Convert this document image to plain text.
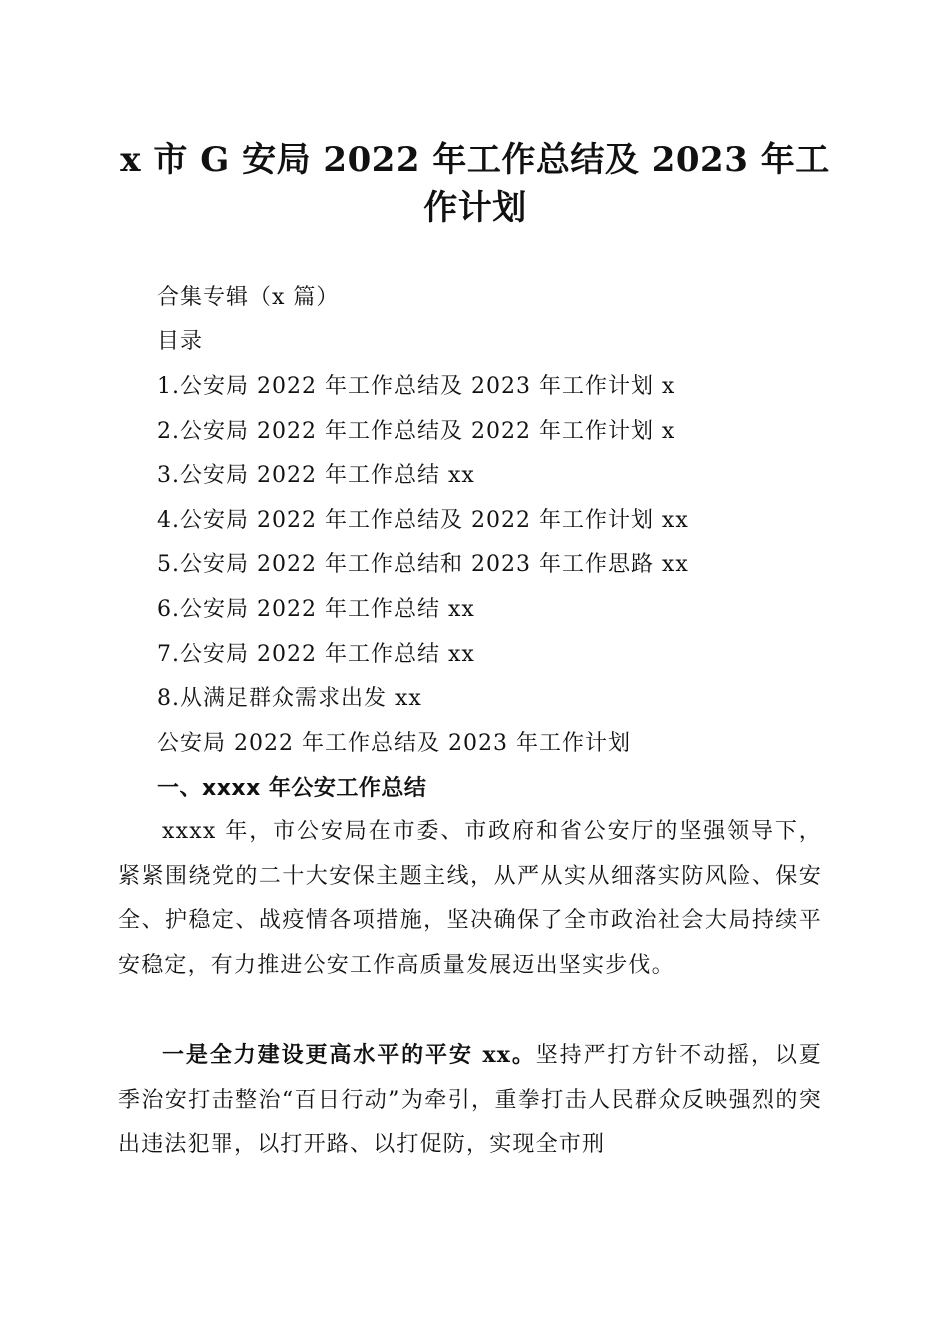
x 市 G 安局 2022 年工作总结及 2023 年工作计划
合集专辑（x 篇）
目录
1.公安局 2022 年工作总结及 2023 年工作计划 x
2.公安局 2022 年工作总结及 2022 年工作计划 x
3.公安局 2022 年工作总结 xx
4.公安局 2022 年工作总结及 2022 年工作计划 xx
5.公安局 2022 年工作总结和 2023 年工作思路 xx
6.公安局 2022 年工作总结 xx
7.公安局 2022 年工作总结 xx
8.从满足群众需求出发 xx
公安局 2022 年工作总结及 2023 年工作计划
一、xxxx 年公安工作总结
xxxx 年，市公安局在市委、市政府和省公安厅的坚强领导下，紧紧围绕党的二十大安保主题主线，从严从实从细落实防风险、保安全、护稳定、战疫情各项措施，坚决确保了全市政治社会大局持续平安稳定，有力推进公安工作高质量发展迈出坚实步伐。
一是全力建设更高水平的平安 xx。坚持严打方针不动摇，以夏季治安打击整治“百日行动”为牵引，重拳打击人民群众反映强烈的突出违法犯罪，以打开路、以打促防，实现全市刑
